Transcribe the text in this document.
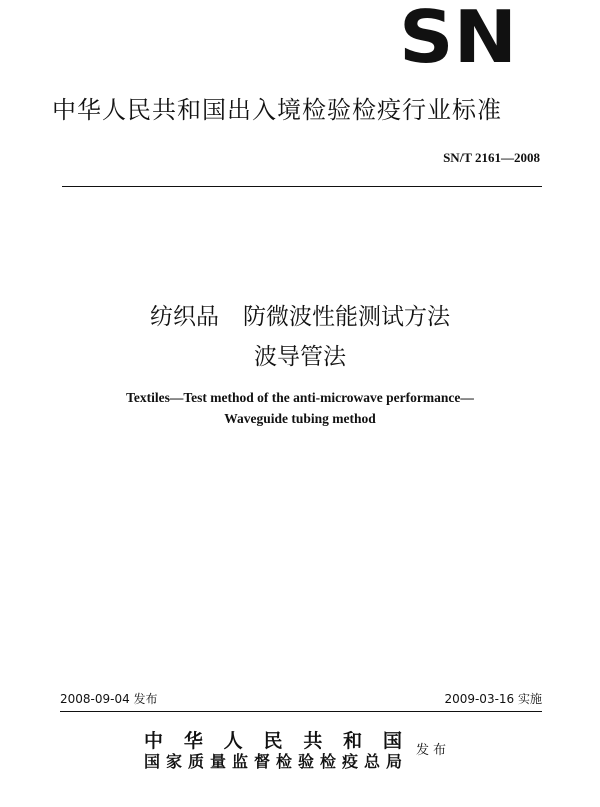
SN
中华人民共和国出入境检验检疫行业标准
SN/T 2161—2008
纺织品 防微波性能测试方法
波导管法
Textiles—Test method of the anti-microwave performance—
Waveguide tubing method
2008-09-04 发布	2009-03-16 实施
中华人民共和国
国家质量监督检验检疫总局
发布
